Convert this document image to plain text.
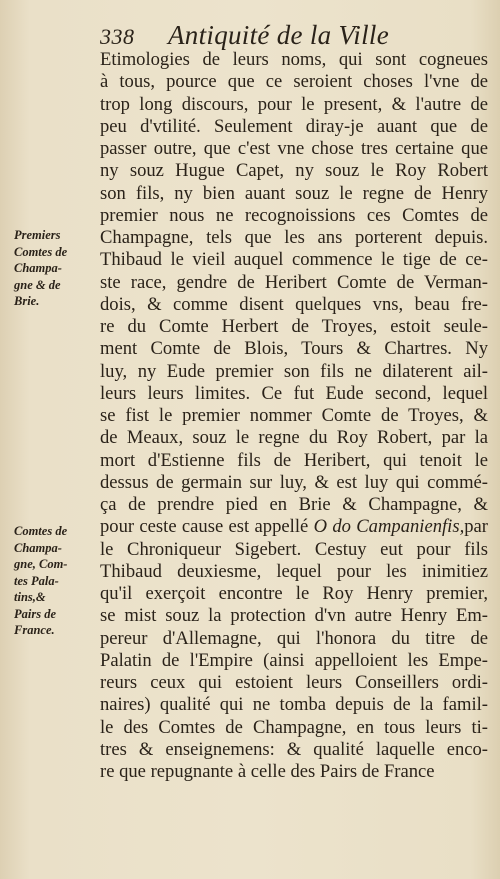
338 Antiquité de la Ville
Premiers
Comtes de
Champa-
gne & de
Brie.
Comtes de
Champa-
gne, Com-
tes Pala-
tins,&
Pairs de
France.
Etimologies de leurs noms, qui sont cogneues
à tous, pource que ce seroient choses l'vne de
trop long discours, pour le present, & l'autre de
peu d'vtilité. Seulement diray-je auant que de
passer outre, que c'est vne chose tres certaine que
ny souz Hugue Capet, ny souz le Roy Robert
son fils, ny bien auant souz le regne de Henry
premier nous ne recognoissions ces Comtes de
Champagne, tels que les ans porterent depuis.
Thibaud le vieil auquel commence le tige de ce-
ste race, gendre de Heribert Comte de Verman-
dois, & comme disent quelques vns, beau fre-
re du Comte Herbert de Troyes, estoit seule-
ment Comte de Blois, Tours & Chartres. Ny
luy, ny Eude premier son fils ne dilaterent ail-
leurs leurs limites. Ce fut Eude second, lequel
se fist le premier nommer Comte de Troyes, &
de Meaux, souz le regne du Roy Robert, par la
mort d'Estienne fils de Heribert, qui tenoit le
dessus de germain sur luy, & est luy qui commé-
ça de prendre pied en Brie & Champagne, &
pour ceste cause est appellé O do Campanienfis,par
le Chroniqueur Sigebert. Cestuy eut pour fils
Thibaud deuxiesme, lequel pour les inimitiez
qu'il exerçoit encontre le Roy Henry premier,
se mist souz la protection d'vn autre Henry Em-
pereur d'Allemagne, qui l'honora du titre de
Palatin de l'Empire (ainsi appelloient les Empe-
reurs ceux qui estoient leurs Conseillers ordi-
naires) qualité qui ne tomba depuis de la famil-
le des Comtes de Champagne, en tous leurs ti-
tres & enseignemens: & qualité laquelle enco-
re que repugnante à celle des Pairs de France
